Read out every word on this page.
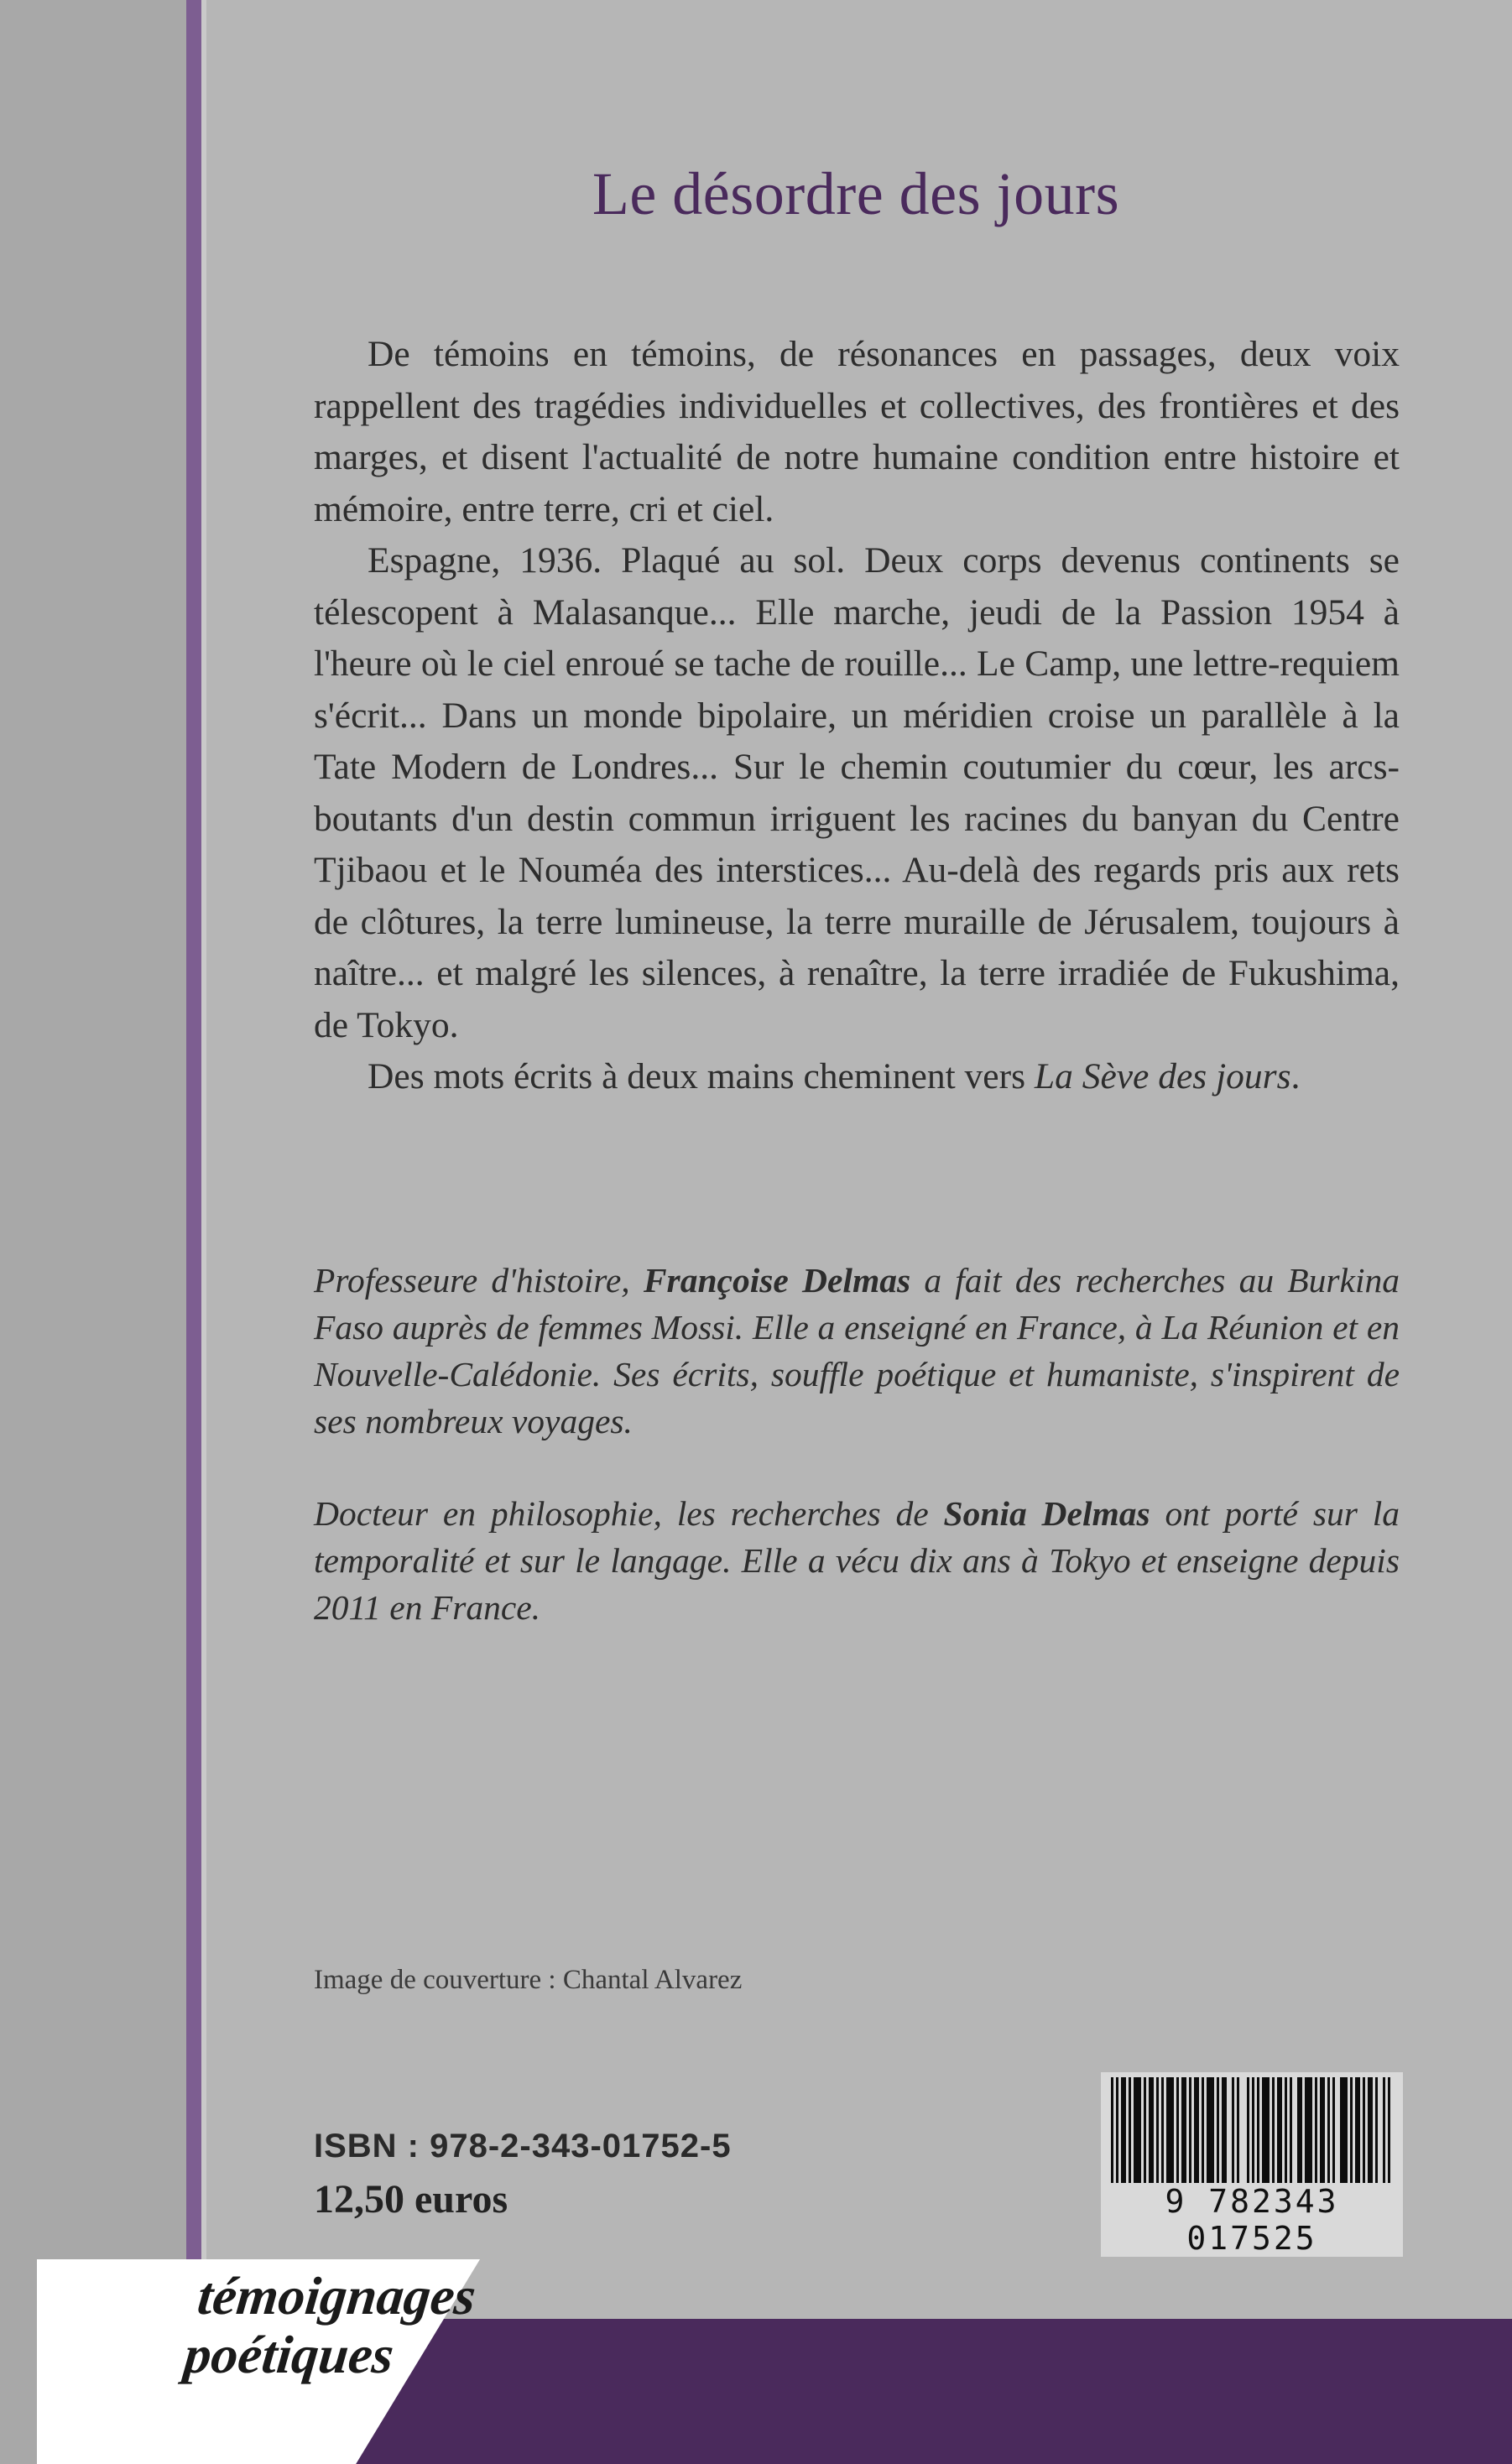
Le désordre des jours

De témoins en témoins, de résonances en passages, deux voix rappellent des tragédies individuelles et collectives, des frontières et des marges, et disent l'actualité de notre humaine condition entre histoire et mémoire, entre terre, cri et ciel.

Espagne, 1936. Plaqué au sol. Deux corps devenus continents se télescopent à Malasanque... Elle marche, jeudi de la Passion 1954 à l'heure où le ciel enroué se tache de rouille... Le Camp, une lettre-requiem s'écrit... Dans un monde bipolaire, un méridien croise un parallèle à la Tate Modern de Londres... Sur le chemin coutumier du cœur, les arcs-boutants d'un destin commun irriguent les racines du banyan du Centre Tjibaou et le Nouméa des interstices... Au-delà des regards pris aux rets de clôtures, la terre lumineuse, la terre muraille de Jérusalem, toujours à naître... et malgré les silences, à renaître, la terre irradiée de Fukushima, de Tokyo.

Des mots écrits à deux mains cheminent vers La Sève des jours.

Professeure d'histoire, Françoise Delmas a fait des recherches au Burkina Faso auprès de femmes Mossi. Elle a enseigné en France, à La Réunion et en Nouvelle-Calédonie. Ses écrits, souffle poétique et humaniste, s'inspirent de ses nombreux voyages.

Docteur en philosophie, les recherches de Sonia Delmas ont porté sur la temporalité et sur le langage. Elle a vécu dix ans à Tokyo et enseigne depuis 2011 en France.

Image de couverture : Chantal Alvarez
ISBN : 978-2-343-01752-5
12,50 euros	9 782343 017525
témoignages
poétiques
